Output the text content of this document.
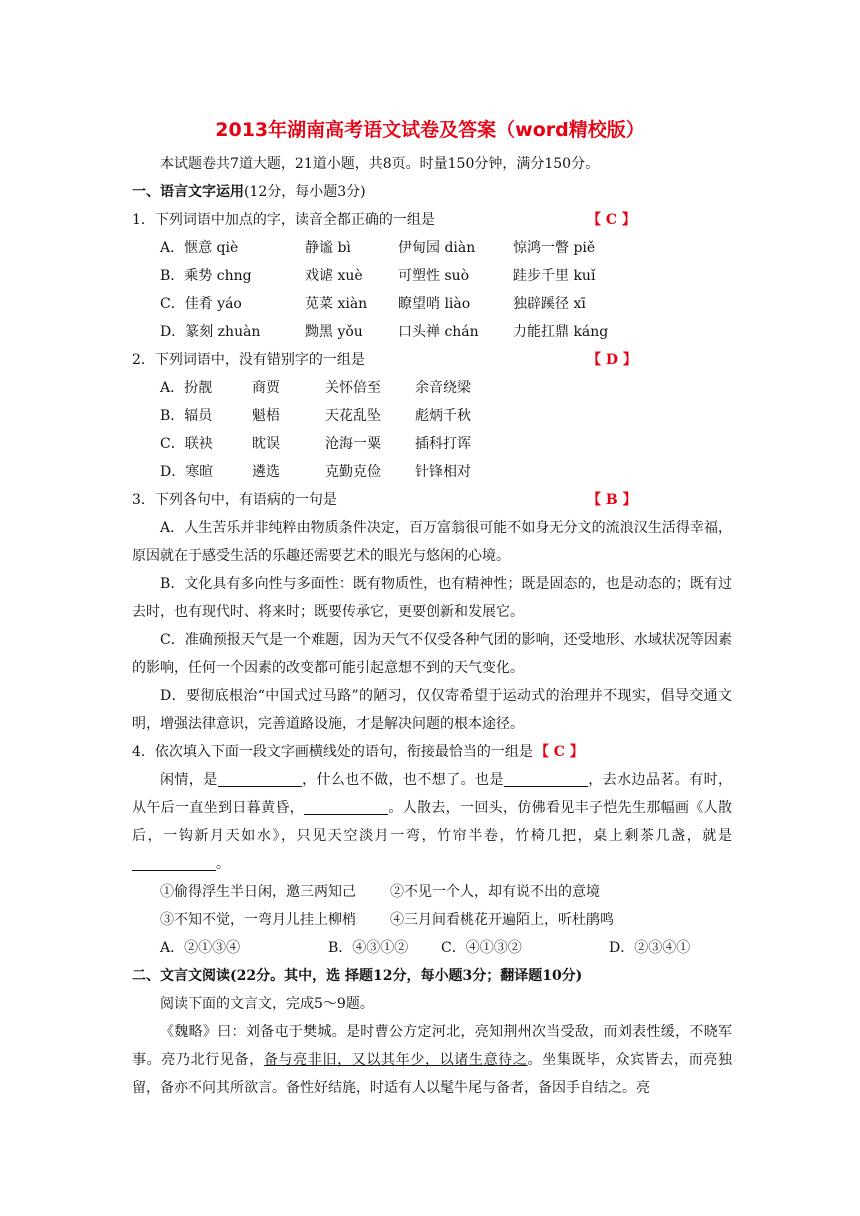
2013年湖南高考语文试卷及答案（word精校版）
本试题卷共7道大题，21道小题，共8页。时量150分钟，满分150分。
一、语言文字运用(12分，每小题3分)
1．下列词语中加点的字，读音全都正确的一组是	【 C 】
A．惬意 qiè	静谧 bì	伊甸园 diàn	惊鸿一瞥 piě
B．乘势 chng	戏谑 xuè	可塑性 suò	跬步千里 kuǐ
C．佳肴 yáo	苋菜 xiàn	瞭望哨 liào	独辟蹊径 xī
D．篆刻 zhuàn	黝黑 yǒu	口头禅 chán	力能扛鼎 káng
2．下列词语中，没有错别字的一组是	【 D 】
A．扮靓	商贾	关怀倍至	余音绕梁
B．辐员	魁梧	天花乱坠	彪炳千秋
C．联袂	眈误	沧海一粟	插科打诨
D．寒暄	遴选	克勤克俭	针锋相对
3．下列各句中，有语病的一句是	【 B 】

A．人生苦乐并非纯粹由物质条件决定，百万富翁很可能不如身无分文的流浪汉生活得幸福，原因就在于感受生活的乐趣还需要艺术的眼光与悠闲的心境。

B．文化具有多向性与多面性：既有物质性，也有精神性；既是固态的，也是动态的；既有过去时，也有现代时、将来时；既要传承它，更要创新和发展它。

C．准确预报天气是一个难题，因为天气不仅受各种气团的影响，还受地形、水域状况等因素的影响，任何一个因素的改变都可能引起意想不到的天气变化。

D．要彻底根治“中国式过马路”的陋习，仅仅寄希望于运动式的治理并不现实，倡导交通文明，增强法律意识，完善道路设施，才是解决问题的根本途径。

4．依次填入下面一段文字画横线处的语句，衔接最恰当的一组是 【 C 】

闲情，是	，什么也不做，也不想了。也是	，去水边品茗。有时，从午后一直坐到日暮黄昏，	。人散去，一回头，仿佛看见丰子恺先生那幅画《人散后，一钩新月天如水》，只见天空淡月一弯，竹帘半卷，竹椅几把，桌上剩茶几盏，就是。

①偷得浮生半日闲，邀三两知己	②不见一个人，却有说不出的意境
③不知不觉，一弯月儿挂上柳梢	④三月间看桃花开遍陌上，听杜鹃鸣
A．②①③④	B．④③①②	C．④①③②	D．②③④①
二、文言文阅读(22分。其中，选 择题12分，每小题3分；翻译题10分)
阅读下面的文言文，完成5～9题。

《魏略》曰：刘备屯于樊城。是时曹公方定河北，亮知荆州次当受敌，而刘表性缓，不晓军事。亮乃北行见备，备与亮非旧，又以其年少，以诸生意待之。坐集既毕，众宾皆去，而亮独留，备亦不问其所欲言。备性好结旄，时适有人以髦牛尾与备者，备因手自结之。亮
